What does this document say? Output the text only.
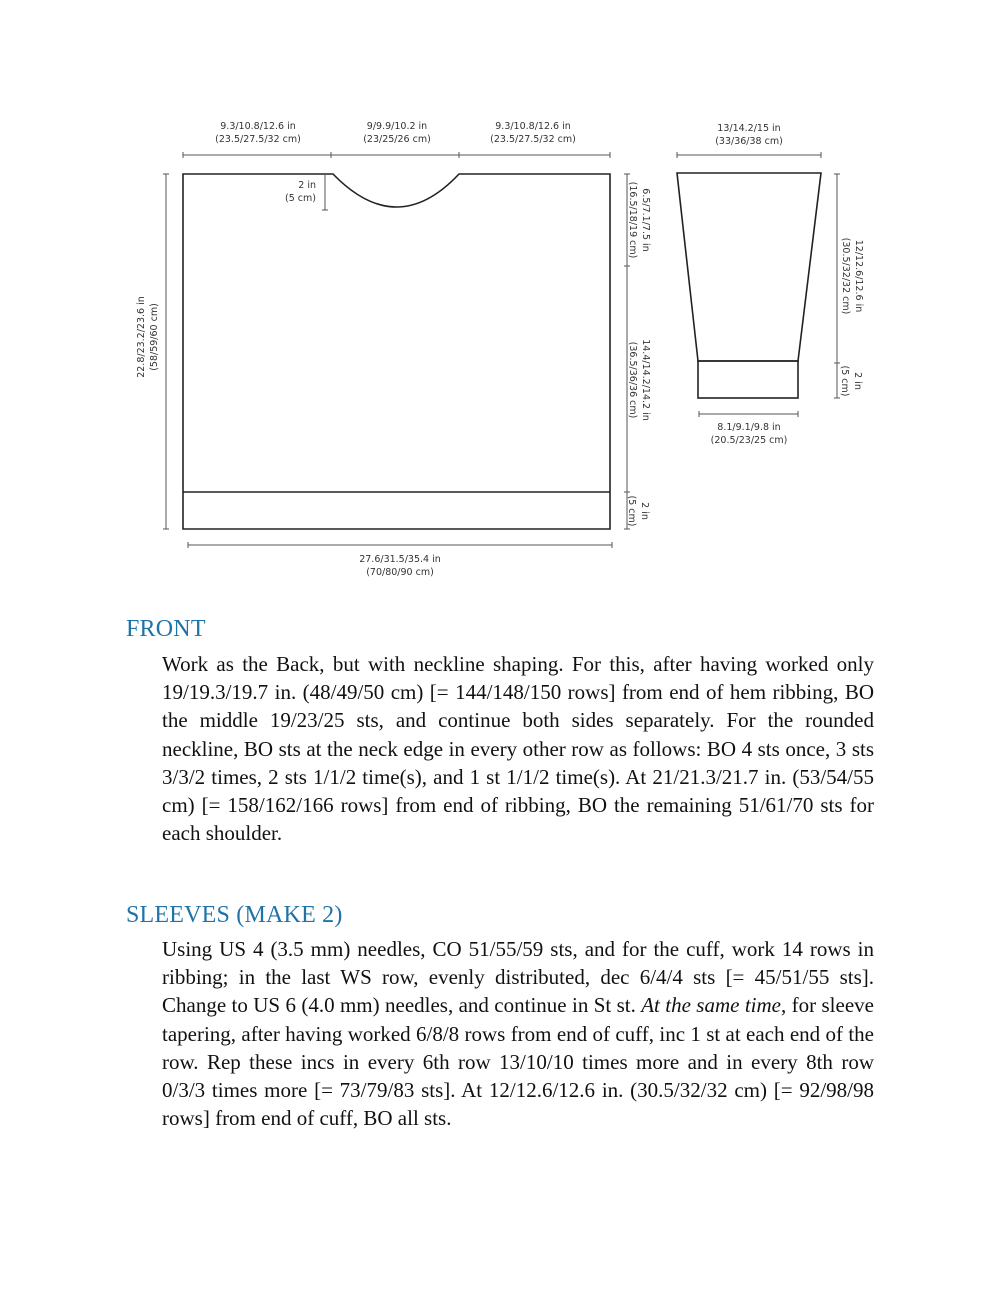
9.3/10.8/12.6 in
(23.5/27.5/32 cm)
9/9.9/10.2 in
(23/25/26 cm)
9.3/10.8/12.6 in
(23.5/27.5/32 cm)
2 in
(5 cm)
22.8/23.2/23.6 in (58/59/60 cm)
6.5/7.1/7.5 in
(16.5/18/19 cm)
14.4/14.2/14.2 in
(36.5/36/36 cm)
2 in
(5 cm)
27.6/31.5/35.4 in
(70/80/90 cm)
13/14.2/15 in
(33/36/38 cm)
12/12.6/12.6 in
(30.5/32/32 cm)
2 in
(5 cm)
8.1/9.1/9.8 in
(20.5/23/25 cm)
FRONT

Work as the Back, but with neckline shaping. For this, after having worked only 19/19.3/19.7 in. (48/49/50 cm) [= 144/148/150 rows] from end of hem ribbing, BO the middle 19/23/25 sts, and continue both sides separately. For the rounded neckline, BO sts at the neck edge in every other row as follows: BO 4 sts once, 3 sts 3/3/2 times, 2 sts 1/1/2 time(s), and 1 st 1/1/2 time(s). At 21/21.3/21.7 in. (53/54/55 cm) [= 158/162/166 rows] from end of ribbing, BO the remaining 51/61/70 sts for each shoulder.

SLEEVES (MAKE 2)

Using US 4 (3.5 mm) needles, CO 51/55/59 sts, and for the cuff, work 14 rows in ribbing; in the last WS row, evenly distributed, dec 6/4/4 sts [= 45/51/55 sts]. Change to US 6 (4.0 mm) needles, and continue in St st. At the same time, for sleeve tapering, after having worked 6/8/8 rows from end of cuff, inc 1 st at each end of the row. Rep these incs in every 6th row 13/10/10 times more and in every 8th row 0/3/3 times more [= 73/79/83 sts]. At 12/12.6/12.6 in. (30.5/32/32 cm) [= 92/98/98 rows] from end of cuff, BO all sts.
